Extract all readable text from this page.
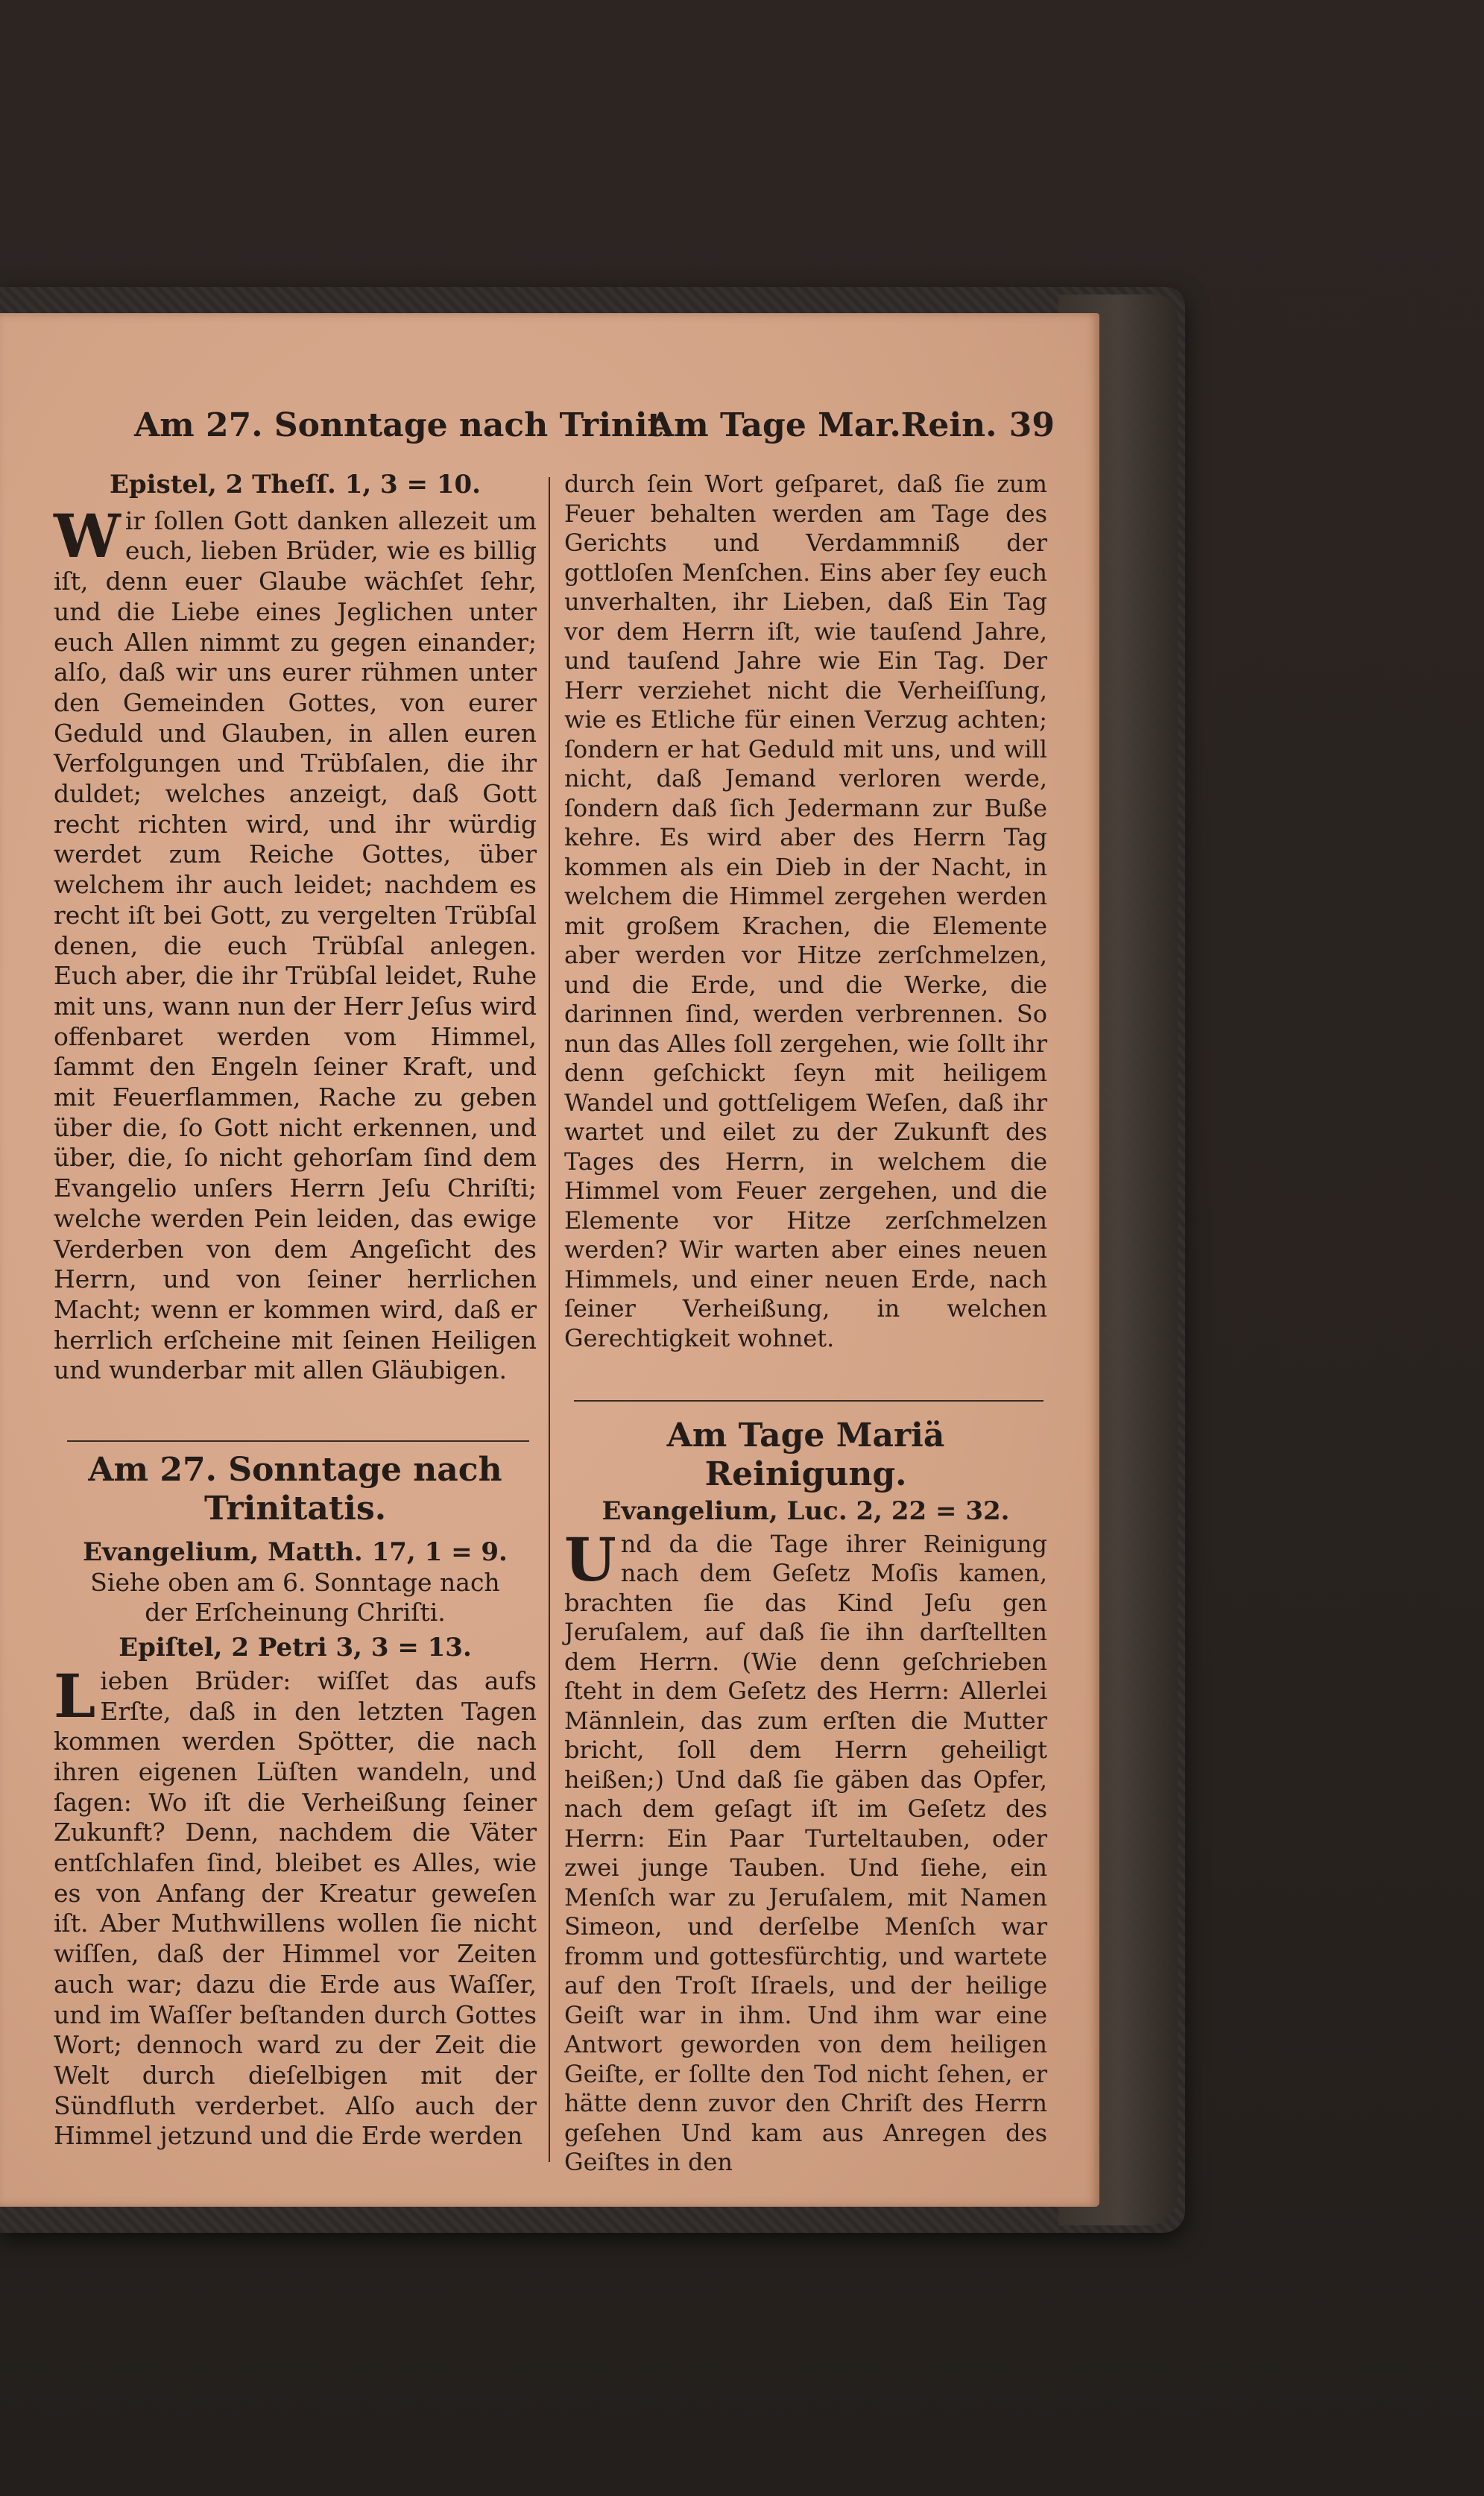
Am 27. Sonntage nach Trinit.
Am Tage Mar.Rein. 39

Epistel, 2 Theſſ. 1, 3 = 10.

Wir ſollen Gott danken allezeit um euch, lieben Brüder, wie es billig iſt, denn euer Glaube wächſet ſehr, und die Liebe eines Jeglichen unter euch Allen nimmt zu gegen einander; alſo, daß wir uns eurer rühmen unter den Gemeinden Gottes, von eurer Geduld und Glauben, in allen euren Verfolgungen und Trübſalen, die ihr duldet; welches anzeigt, daß Gott recht richten wird, und ihr würdig werdet zum Reiche Gottes, über welchem ihr auch leidet; nachdem es recht iſt bei Gott, zu vergelten Trübſal denen, die euch Trübſal anlegen. Euch aber, die ihr Trübſal leidet, Ruhe mit uns, wann nun der Herr Jeſus wird offenbaret werden vom Himmel, ſammt den Engeln ſeiner Kraft, und mit Feuerflammen, Rache zu geben über die, ſo Gott nicht erkennen, und über, die, ſo nicht gehorſam ſind dem Evangelio unſers Herrn Jeſu Chriſti; welche werden Pein leiden, das ewige Verderben von dem Angeſicht des Herrn, und von ſeiner herrlichen Macht; wenn er kommen wird, daß er herrlich erſcheine mit ſeinen Heiligen und wunderbar mit allen Gläubigen.

Am 27. Sonntage nach Trinitatis.

Evangelium, Matth. 17, 1 = 9.

Siehe oben am 6. Sonntage nach der Erſcheinung Chriſti.

Epiſtel, 2 Petri 3, 3 = 13.

Lieben Brüder: wiſſet das aufs Erſte, daß in den letzten Tagen kommen werden Spötter, die nach ihren eigenen Lüſten wandeln, und ſagen: Wo iſt die Verheißung ſeiner Zukunft? Denn, nachdem die Väter entſchlafen ſind, bleibet es Alles, wie es von Anfang der Kreatur geweſen iſt. Aber Muthwillens wollen ſie nicht wiſſen, daß der Himmel vor Zeiten auch war; dazu die Erde aus Waſſer, und im Waſſer beſtanden durch Gottes Wort; dennoch ward zu der Zeit die Welt durch dieſelbigen mit der Sündfluth verderbet. Alſo auch der Himmel jetzund und die Erde werden

durch ſein Wort geſparet, daß ſie zum Feuer behalten werden am Tage des Gerichts und Verdammniß der gottloſen Menſchen. Eins aber ſey euch unverhalten, ihr Lieben, daß Ein Tag vor dem Herrn iſt, wie tauſend Jahre, und tauſend Jahre wie Ein Tag. Der Herr verziehet nicht die Verheiſſung, wie es Etliche für einen Verzug achten; ſondern er hat Geduld mit uns, und will nicht, daß Jemand verloren werde, ſondern daß ſich Jedermann zur Buße kehre. Es wird aber des Herrn Tag kommen als ein Dieb in der Nacht, in welchem die Himmel zergehen werden mit großem Krachen, die Elemente aber werden vor Hitze zerſchmelzen, und die Erde, und die Werke, die darinnen ſind, werden verbrennen. So nun das Alles ſoll zergehen, wie ſollt ihr denn geſchickt ſeyn mit heiligem Wandel und gottſeligem Weſen, daß ihr wartet und eilet zu der Zukunft des Tages des Herrn, in welchem die Himmel vom Feuer zergehen, und die Elemente vor Hitze zerſchmelzen werden? Wir warten aber eines neuen Himmels, und einer neuen Erde, nach ſeiner Verheißung, in welchen Gerechtigkeit wohnet.

Am Tage Mariä Reinigung.

Evangelium, Luc. 2, 22 = 32.

Und da die Tage ihrer Reinigung nach dem Geſetz Moſis kamen, brachten ſie das Kind Jeſu gen Jeruſalem, auf daß ſie ihn darſtellten dem Herrn. (Wie denn geſchrieben ſteht in dem Geſetz des Herrn: Allerlei Männlein, das zum erſten die Mutter bricht, ſoll dem Herrn geheiligt heißen;) Und daß ſie gäben das Opfer, nach dem geſagt iſt im Geſetz des Herrn: Ein Paar Turteltauben, oder zwei junge Tauben. Und ſiehe, ein Menſch war zu Jeruſalem, mit Namen Simeon, und derſelbe Menſch war fromm und gottesfürchtig, und wartete auf den Troſt Iſraels, und der heilige Geiſt war in ihm. Und ihm war eine Antwort geworden von dem heiligen Geiſte, er ſollte den Tod nicht ſehen, er hätte denn zuvor den Chriſt des Herrn geſehen Und kam aus Anregen des Geiſtes in den
